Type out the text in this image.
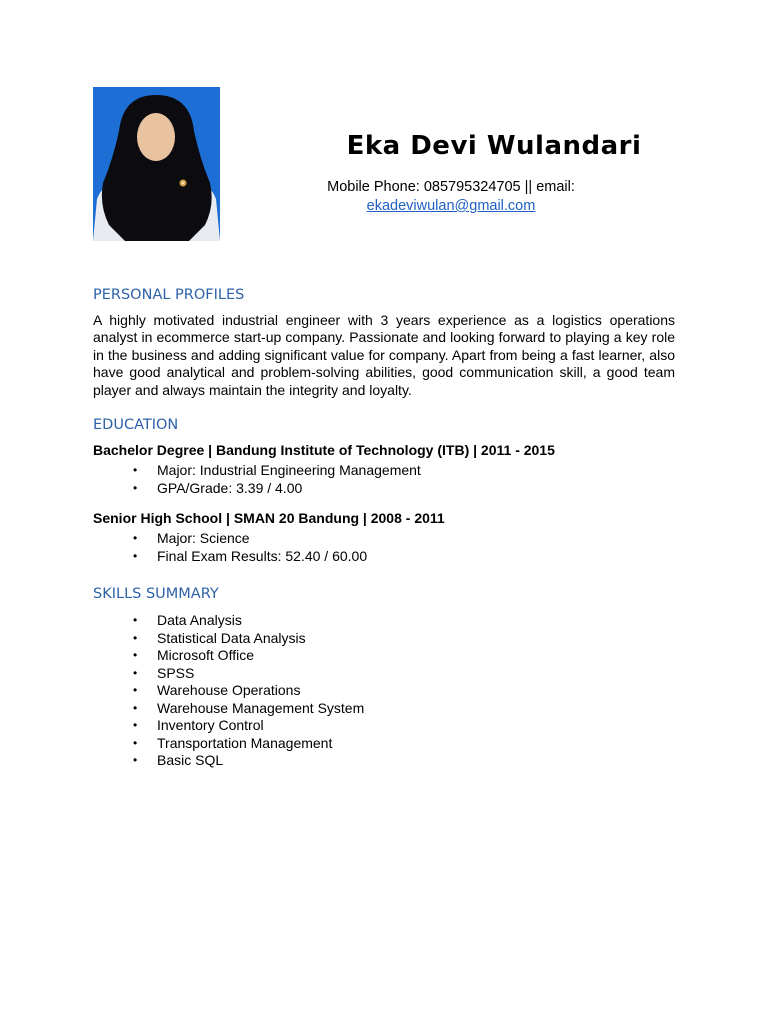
Eka Devi Wulandari
Mobile Phone: 085795324705 || email:
ekadeviwulan@gmail.com
PERSONAL PROFILES

A highly motivated industrial engineer with 3 years experience as a logistics operations analyst in ecommerce start-up company. Passionate and looking forward to playing a key role in the business and adding significant value for company. Apart from being a fast learner, also have good analytical and problem-solving abilities, good communication skill, a good team player and always maintain the integrity and loyalty.

EDUCATION

Bachelor Degree | Bandung Institute of Technology (ITB) | 2011 - 2015

• Major: Industrial Engineering Management
• GPA/Grade: 3.39 / 4.00

Senior High School | SMAN 20 Bandung | 2008 - 2011

• Major: Science
• Final Exam Results: 52.40 / 60.00
SKILLS SUMMARY
• Data Analysis
• Statistical Data Analysis
• Microsoft Office
• SPSS
• Warehouse Operations
• Warehouse Management System
• Inventory Control
• Transportation Management
• Basic SQL
